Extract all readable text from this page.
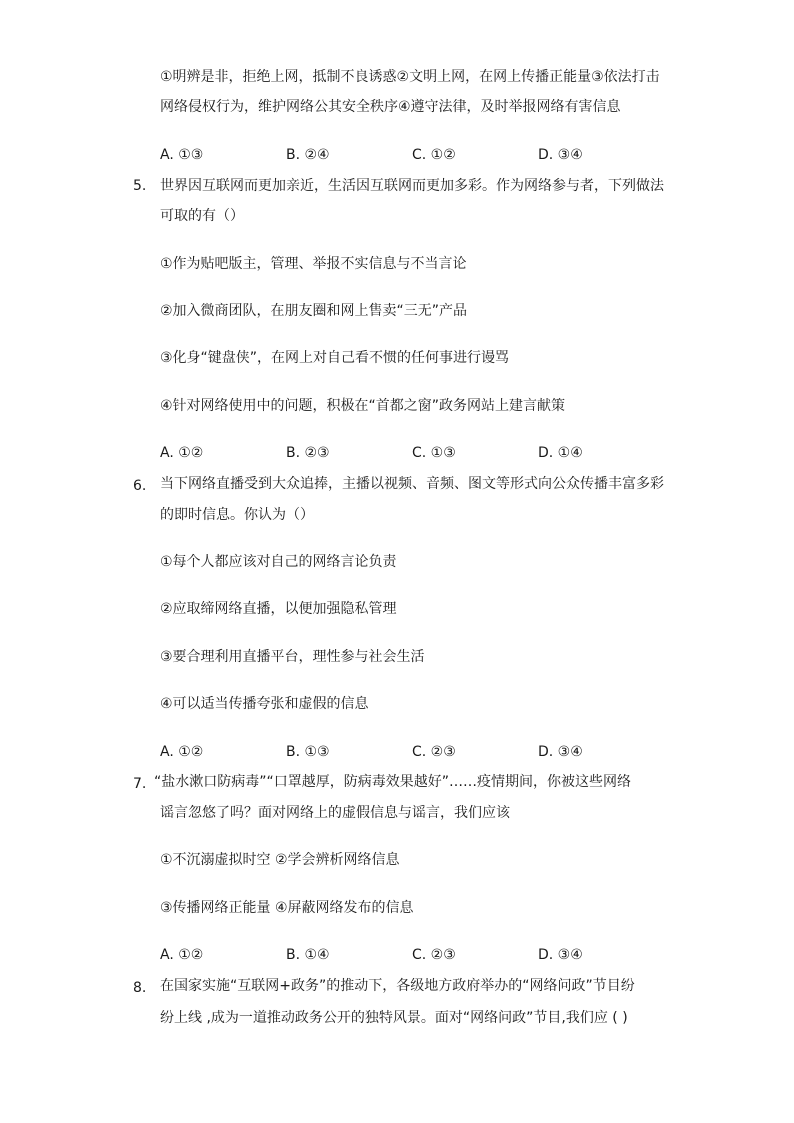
①明辨是非，拒绝上网，抵制不良诱惑②文明上网，在网上传播正能量③依法打击
网络侵权行为，维护网络公其安全秩序④遵守法律，及时举报网络有害信息
A. ①③	B. ②④	C. ①②	D. ③④
5. 世界因互联网而更加亲近，生活因互联网而更加多彩。作为网络参与者，下列做法
可取的有（）
①作为贴吧版主，管理、举报不实信息与不当言论
②加入微商团队，在朋友圈和网上售卖“三无”产品
③化身“键盘侠”，在网上对自己看不惯的任何事进行谩骂
④针对网络使用中的问题，积极在“首都之窗”政务网站上建言献策
A. ①②	B. ②③	C. ①③	D. ①④
6. 当下网络直播受到大众追捧，主播以视频、音频、图文等形式向公众传播丰富多彩
的即时信息。你认为（）
①每个人都应该对自己的网络言论负责
②应取缔网络直播，以便加强隐私管理
③要合理利用直播平台，理性参与社会生活
④可以适当传播夸张和虚假的信息
A. ①②	B. ①③	C. ②③	D. ③④
7. “盐水漱口防病毒”“口罩越厚，防病毒效果越好”……疫情期间，你被这些网络
谣言忽悠了吗？面对网络上的虚假信息与谣言，我们应该
①不沉溺虚拟时空 ②学会辨析网络信息
③传播网络正能量 ④屏蔽网络发布的信息
A. ①②	B. ①④	C. ②③	D. ③④
8. 在国家实施“互联网+政务”的推动下，各级地方政府举办的“网络问政”节目纷
纷上线 ,成为一道推动政务公开的独特风景。面对“网络问政”节目,我们应 ( )
